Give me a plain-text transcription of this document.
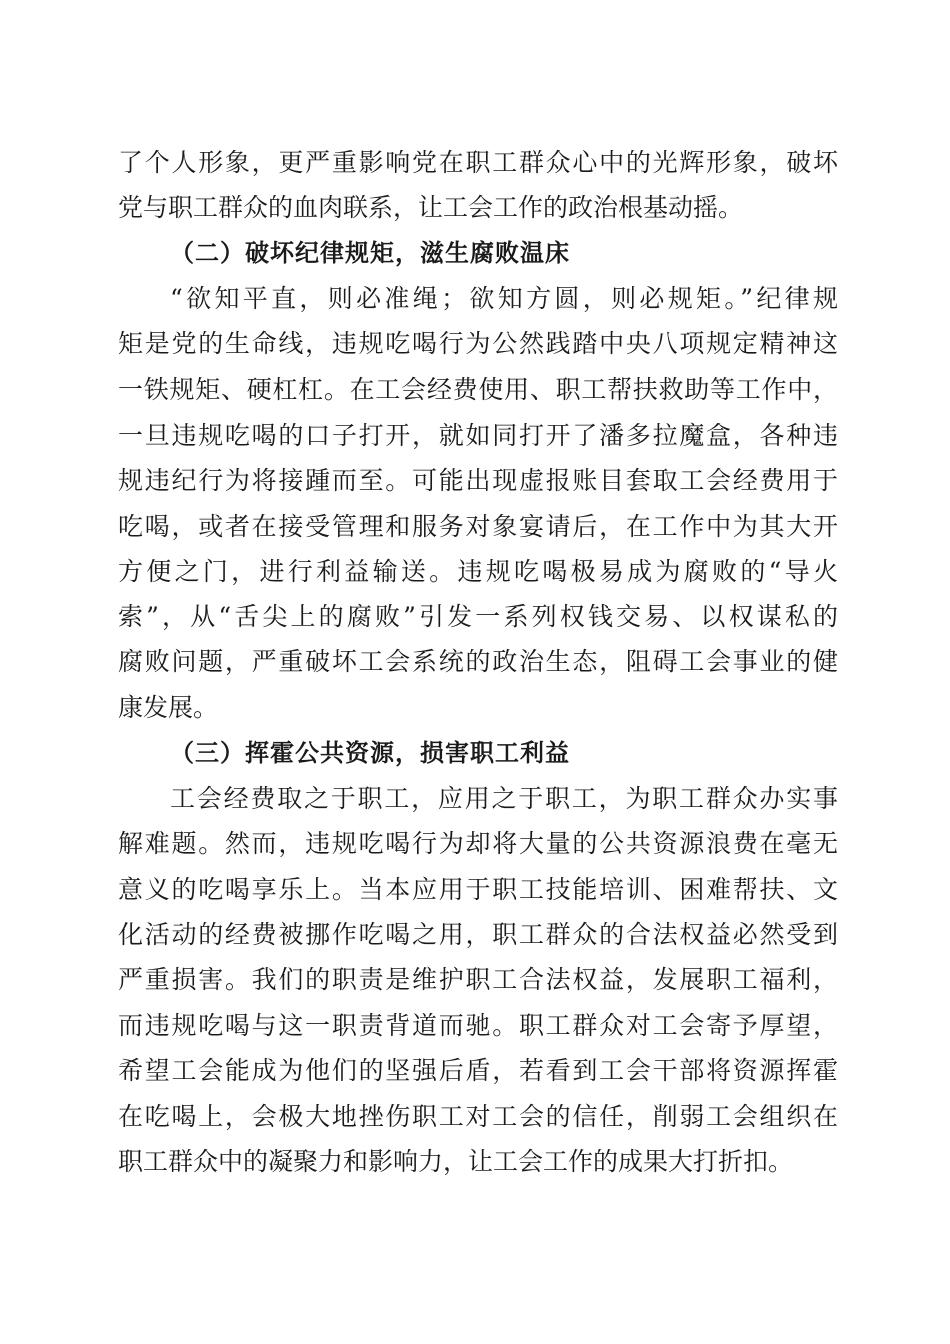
了个人形象，更严重影响党在职工群众心中的光辉形象，破坏
党与职工群众的血肉联系，让工会工作的政治根基动摇。
（二）破坏纪律规矩，滋生腐败温床
“欲知平直，则必准绳；欲知方圆，则必规矩。”纪律规
矩是党的生命线，违规吃喝行为公然践踏中央八项规定精神这
一铁规矩、硬杠杠。在工会经费使用、职工帮扶救助等工作中，
一旦违规吃喝的口子打开，就如同打开了潘多拉魔盒，各种违
规违纪行为将接踵而至。可能出现虚报账目套取工会经费用于
吃喝，或者在接受管理和服务对象宴请后，在工作中为其大开
方便之门，进行利益输送。违规吃喝极易成为腐败的“导火
索”，从“舌尖上的腐败”引发一系列权钱交易、以权谋私的
腐败问题，严重破坏工会系统的政治生态，阻碍工会事业的健
康发展。
（三）挥霍公共资源，损害职工利益
工会经费取之于职工，应用之于职工，为职工群众办实事
解难题。然而，违规吃喝行为却将大量的公共资源浪费在毫无
意义的吃喝享乐上。当本应用于职工技能培训、困难帮扶、文
化活动的经费被挪作吃喝之用，职工群众的合法权益必然受到
严重损害。我们的职责是维护职工合法权益，发展职工福利，
而违规吃喝与这一职责背道而驰。职工群众对工会寄予厚望，
希望工会能成为他们的坚强后盾，若看到工会干部将资源挥霍
在吃喝上，会极大地挫伤职工对工会的信任，削弱工会组织在
职工群众中的凝聚力和影响力，让工会工作的成果大打折扣。
